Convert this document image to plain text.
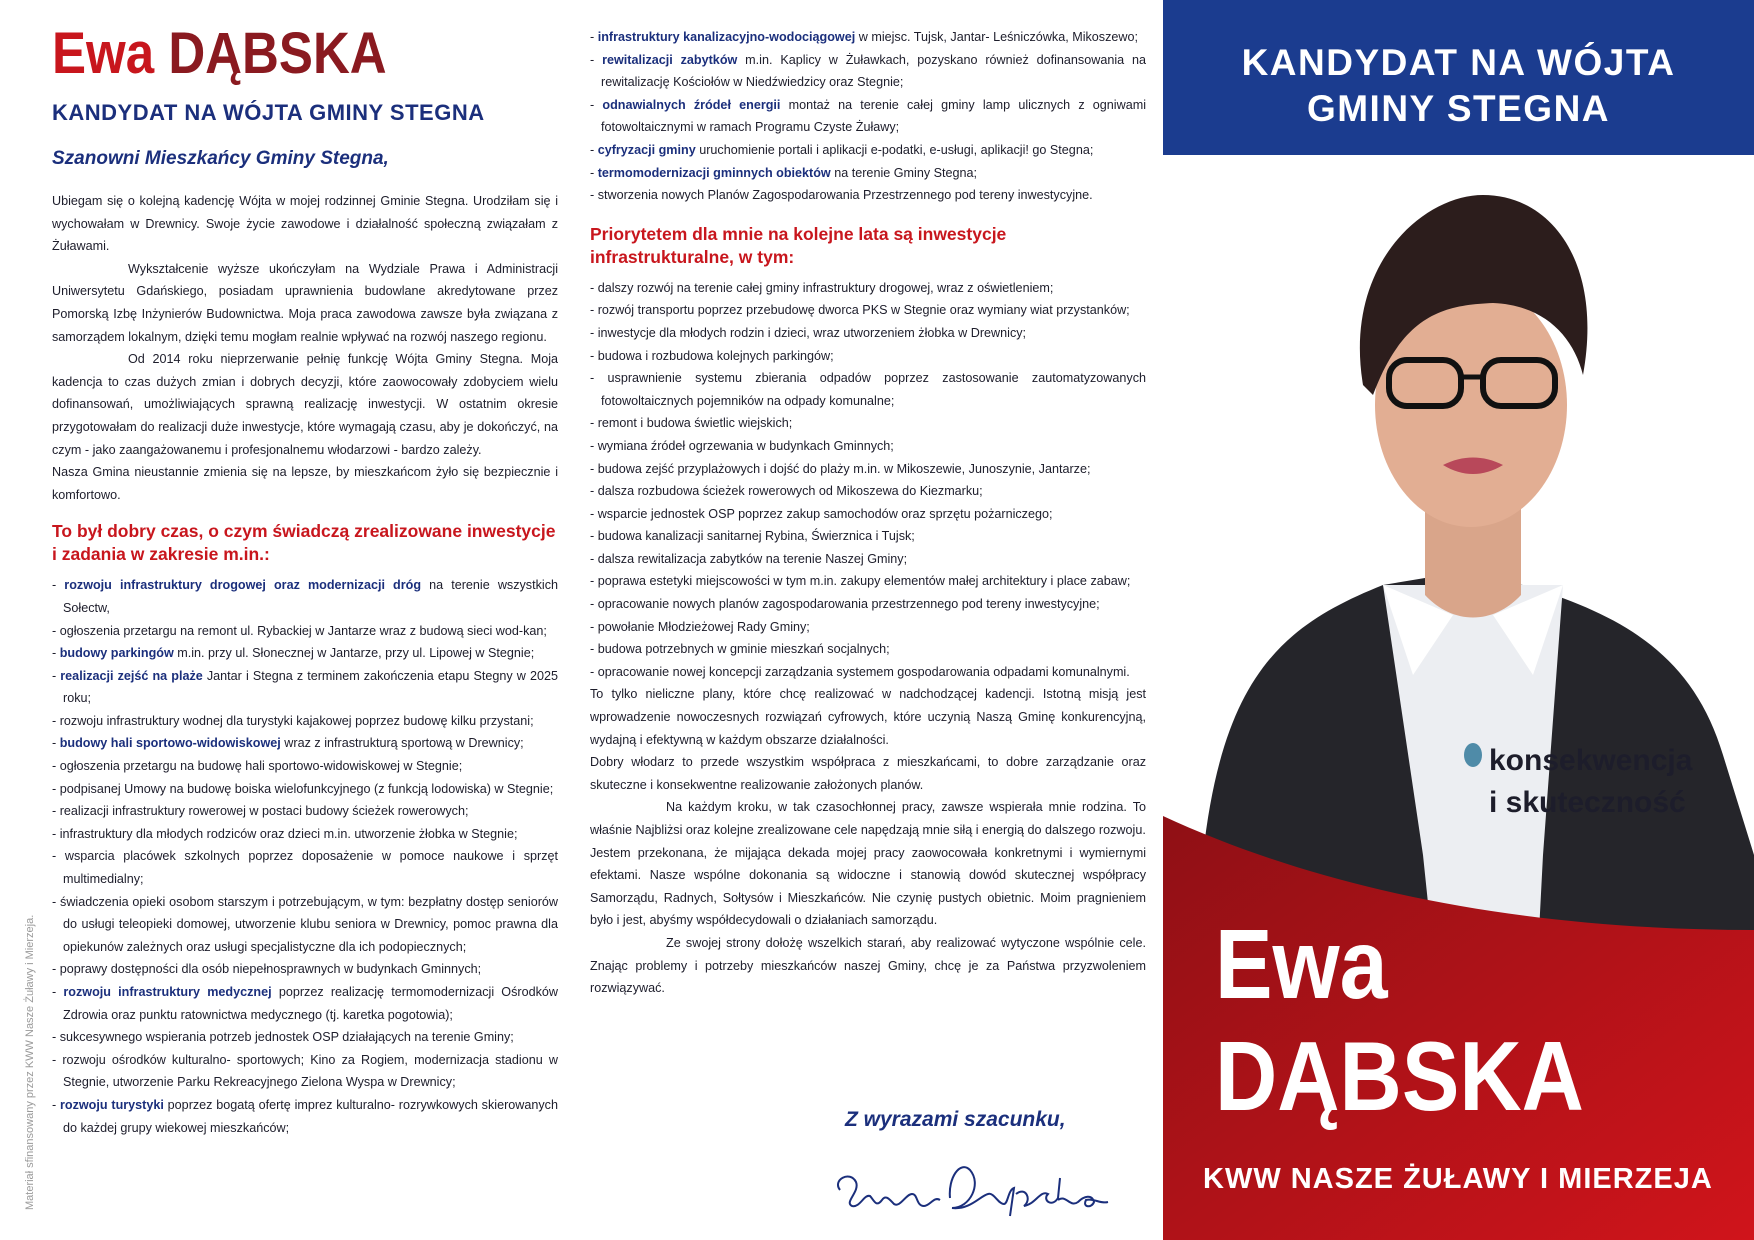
Ewa DĄBSKA
KANDYDAT NA WÓJTA GMINY STEGNA
Szanowni Mieszkańcy Gminy Stegna,

Ubiegam się o kolejną kadencję Wójta w mojej rodzinnej Gminie Stegna. Urodziłam się i wychowałam w Drewnicy. Swoje życie zawodowe i działalność społeczną związałam z Żuławami.

Wykształcenie wyższe ukończyłam na Wydziale Prawa i Administracji Uniwersytetu Gdańskiego, posiadam uprawnienia budowlane akredytowane przez Pomorską Izbę Inżynierów Budownictwa. Moja praca zawodowa zawsze była związana z samorządem lokalnym, dzięki temu mogłam realnie wpływać na rozwój naszego regionu.

Od 2014 roku nieprzerwanie pełnię funkcję Wójta Gminy Stegna. Moja kadencja to czas dużych zmian i dobrych decyzji, które zaowocowały zdobyciem wielu dofinansowań, umożliwiających sprawną realizację inwestycji. W ostatnim okresie przygotowałam do realizacji duże inwestycje, które wymagają czasu, aby je dokończyć, na czym - jako zaangażowanemu i profesjonalnemu włodarzowi - bardzo zależy.

Nasza Gmina nieustannie zmienia się na lepsze, by mieszkańcom żyło się bezpiecznie i komfortowo.

To był dobry czas, o czym świadczą zrealizowane inwestycje i zadania w zakresie m.in.:
- rozwoju infrastruktury drogowej oraz modernizacji dróg na terenie wszystkich Sołectw,
- ogłoszenia przetargu na remont ul. Rybackiej w Jantarze wraz z budową sieci wod-kan;
- budowy parkingów m.in. przy ul. Słonecznej w Jantarze, przy ul. Lipowej w Stegnie;
- realizacji zejść na plaże Jantar i Stegna z terminem zakończenia etapu Stegny w 2025 roku;
- rozwoju infrastruktury wodnej dla turystyki kajakowej poprzez budowę kilku przystani;
- budowy hali sportowo-widowiskowej wraz z infrastrukturą sportową w Drewnicy;
- ogłoszenia przetargu na budowę hali sportowo-widowiskowej w Stegnie;
- podpisanej Umowy na budowę boiska wielofunkcyjnego (z funkcją lodowiska) w Stegnie;
- realizacji infrastruktury rowerowej w postaci budowy ścieżek rowerowych;
- infrastruktury dla młodych rodziców oraz dzieci m.in. utworzenie żłobka w Stegnie;
- wsparcia placówek szkolnych poprzez doposażenie w pomoce naukowe i sprzęt multimedialny;
- świadczenia opieki osobom starszym i potrzebującym, w tym: bezpłatny dostęp seniorów do usługi teleopieki domowej, utworzenie klubu seniora w Drewnicy, pomoc prawna dla opiekunów zależnych oraz usługi specjalistyczne dla ich podopiecznych;
- poprawy dostępności dla osób niepełnosprawnych w budynkach Gminnych;
- rozwoju infrastruktury medycznej poprzez realizację termomodernizacji Ośrodków Zdrowia oraz punktu ratownictwa medycznego (tj. karetka pogotowia);
- sukcesywnego wspierania potrzeb jednostek OSP działających na terenie Gminy;
- rozwoju ośrodków kulturalno- sportowych; Kino za Rogiem, modernizacja stadionu w Stegnie, utworzenie Parku Rekreacyjnego Zielona Wyspa w Drewnicy;
- rozwoju turystyki poprzez bogatą ofertę imprez kulturalno- rozrywkowych skierowanych do każdej grupy wiekowej mieszkańców;
Materiał sfinansowany przez KWW Nasze Żuławy i Mierzeja.
- infrastruktury kanalizacyjno-wodociągowej w miejsc. Tujsk, Jantar- Leśniczówka, Mikoszewo;
- rewitalizacji zabytków m.in. Kaplicy w Żuławkach, pozyskano również dofinansowania na rewitalizację Kościołów w Niedźwiedzicy oraz Stegnie;
- odnawialnych źródeł energii montaż na terenie całej gminy lamp ulicznych z ogniwami fotowoltaicznymi w ramach Programu Czyste Żuławy;
- cyfryzacji gminy uruchomienie portali i aplikacji e-podatki, e-usługi, aplikacji! go Stegna;
- termomodernizacji gminnych obiektów na terenie Gminy Stegna;
- stworzenia nowych Planów Zagospodarowania Przestrzennego pod tereny inwestycyjne.
Priorytetem dla mnie na kolejne lata są inwestycje infrastrukturalne, w tym:
- dalszy rozwój na terenie całej gminy infrastruktury drogowej, wraz z oświetleniem;
- rozwój transportu poprzez przebudowę dworca PKS w Stegnie oraz wymiany wiat przystanków;
- inwestycje dla młodych rodzin i dzieci, wraz utworzeniem żłobka w Drewnicy;
- budowa i rozbudowa kolejnych parkingów;
- usprawnienie systemu zbierania odpadów poprzez zastosowanie zautomatyzowanych fotowoltaicznych pojemników na odpady komunalne;
- remont i budowa świetlic wiejskich;
- wymiana źródeł ogrzewania w budynkach Gminnych;
- budowa zejść przyplażowych i dojść do plaży m.in. w Mikoszewie, Junoszynie, Jantarze;
- dalsza rozbudowa ścieżek rowerowych od Mikoszewa do Kiezmarku;
- wsparcie jednostek OSP poprzez zakup samochodów oraz sprzętu pożarniczego;
- budowa kanalizacji sanitarnej Rybina, Świerznica i Tujsk;
- dalsza rewitalizacja zabytków na terenie Naszej Gminy;
- poprawa estetyki miejscowości w tym m.in. zakupy elementów małej architektury i place zabaw;
- opracowanie nowych planów zagospodarowania przestrzennego pod tereny inwestycyjne;
- powołanie Młodzieżowej Rady Gminy;
- budowa potrzebnych w gminie mieszkań socjalnych;
- opracowanie nowej koncepcji zarządzania systemem gospodarowania odpadami komunalnymi.

To tylko nieliczne plany, które chcę realizować w nadchodzącej kadencji. Istotną misją jest wprowadzenie nowoczesnych rozwiązań cyfrowych, które uczynią Naszą Gminę konkurencyjną, wydajną i efektywną w każdym obszarze działalności.

Dobry włodarz to przede wszystkim współpraca z mieszkańcami, to dobre zarządzanie oraz skuteczne i konsekwentne realizowanie założonych planów.

Na każdym kroku, w tak czasochłonnej pracy, zawsze wspierała mnie rodzina. To właśnie Najbliżsi oraz kolejne zrealizowane cele napędzają mnie siłą i energią do dalszego rozwoju.

Jestem przekonana, że mijająca dekada mojej pracy zaowocowała konkretnymi i wymiernymi efektami. Nasze wspólne dokonania są widoczne i stanowią dowód skutecznej współpracy Samorządu, Radnych, Sołtysów i Mieszkańców. Nie czynię pustych obietnic. Moim pragnieniem było i jest, abyśmy współdecydowali o działaniach samorządu.

Ze swojej strony dołożę wszelkich starań, aby realizować wytyczone wspólnie cele. Znając problemy i potrzeby mieszkańców naszej Gminy, chcę je za Państwa przyzwoleniem rozwiązywać.

Z wyrazami szacunku,
KANDYDAT NA WÓJTA
GMINY STEGNA
konsekwencja
i skuteczność
Ewa
DĄBSKA
KWW NASZE ŻUŁAWY I MIERZEJA
